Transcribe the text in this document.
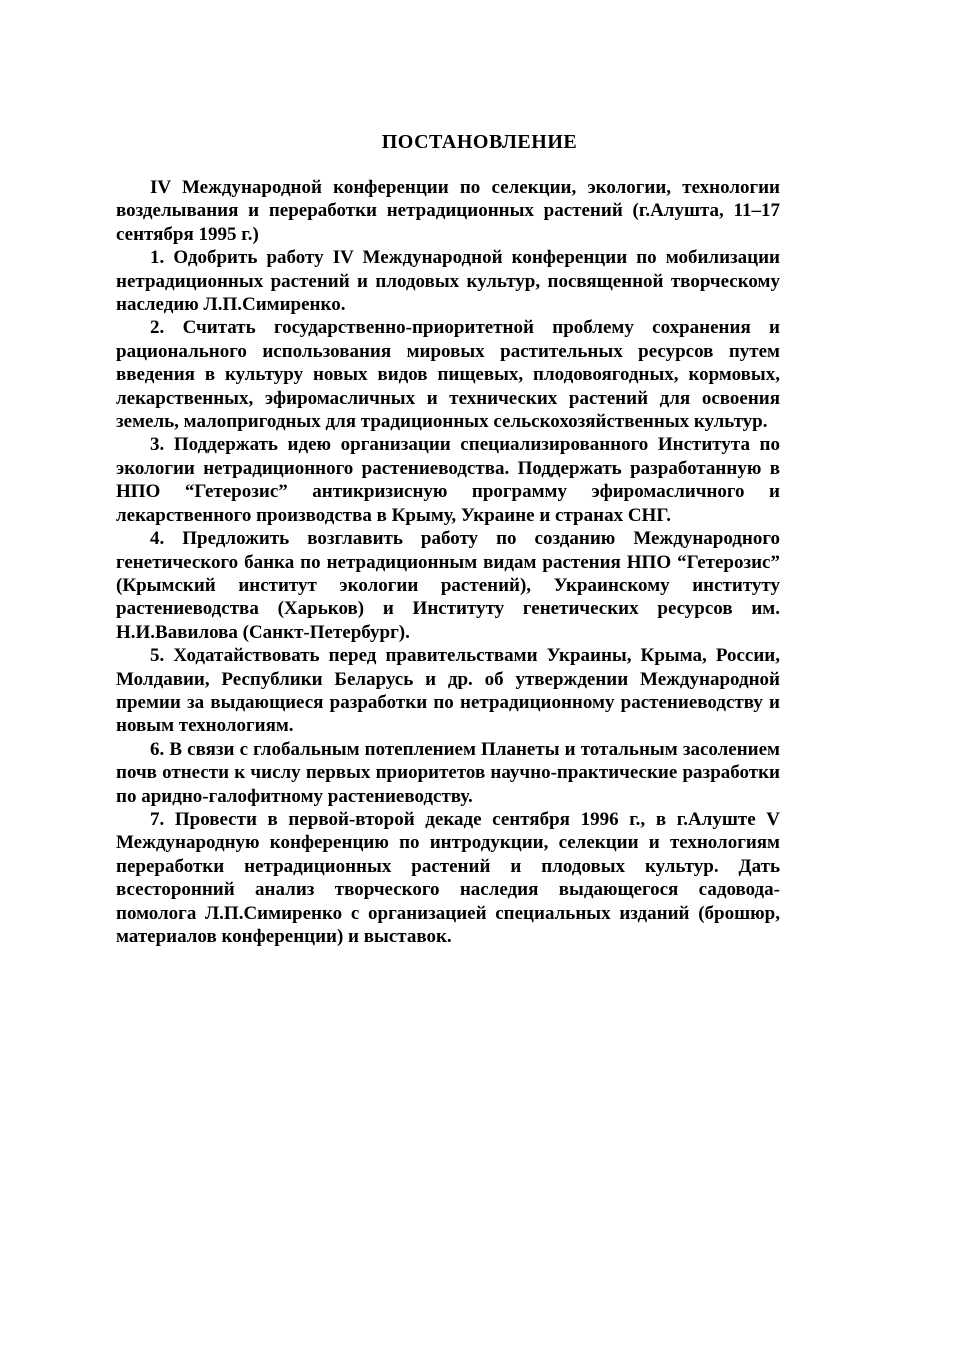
ПОСТАНОВЛЕНИЕ

IV Международной конференции по селекции, экологии, технологии возделывания и переработки нетрадиционных растений (г.Алушта, 11–17 сентября 1995 г.)

1. Одобрить работу IV Международной конференции по мобилизации нетрадиционных растений и плодовых культур, посвященной творческому наследию Л.П.Симиренко.

2. Считать государственно-приоритетной проблему сохранения и рационального использования мировых растительных ресурсов путем введения в культуру новых видов пищевых, плодовоягодных, кормовых, лекарственных, эфиромасличных и технических растений для освоения земель, малопригодных для традиционных сельскохозяйственных культур.

3. Поддержать идею организации специализированного Института по экологии нетрадиционного растениеводства. Поддержать разработанную в НПО “Гетерозис” антикризисную программу эфиромасличного и лекарственного производства в Крыму, Украине и странах СНГ.

4. Предложить возглавить работу по созданию Международного генетического банка по нетрадиционным видам растения НПО “Гетерозис” (Крымский институт экологии растений), Украинскому институту растениеводства (Харьков) и Институту генетических ресурсов им. Н.И.Вавилова (Санкт-Петербург).

5. Ходатайствовать перед правительствами Украины, Крыма, России, Молдавии, Республики Беларусь и др. об утверждении Международной премии за выдающиеся разработки по нетрадиционному растениеводству и новым технологиям.

6. В связи с глобальным потеплением Планеты и тотальным засолением почв отнести к числу первых приоритетов научно-практические разработки по аридно-галофитному растениеводству.

7. Провести в первой-второй декаде сентября 1996 г., в г.Алуште V Международную конференцию по интродукции, селекции и технологиям переработки нетрадиционных растений и плодовых культур. Дать всесторонний анализ творческого наследия выдающегося садовода-помолога Л.П.Симиренко с организацией специальных изданий (брошюр, материалов конференции) и выставок.
